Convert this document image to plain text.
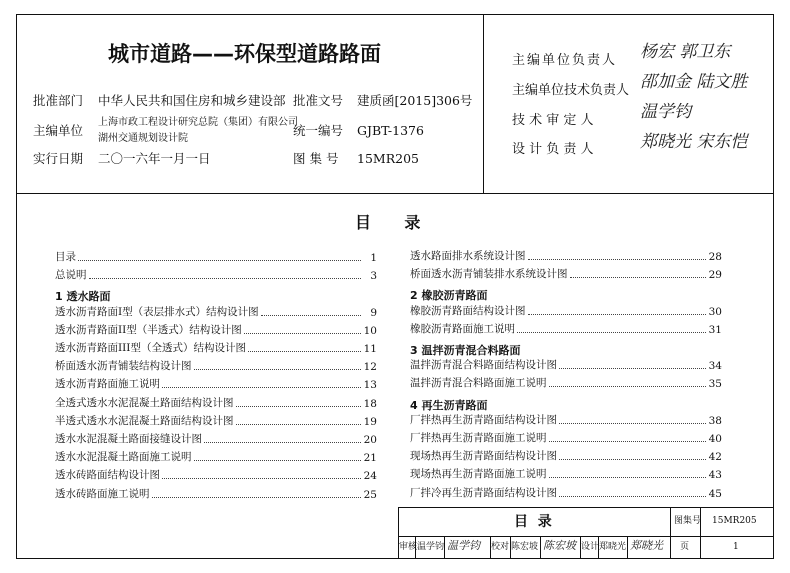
城市道路——环保型道路路面
批准部门 中华人民共和国住房和城乡建设部 批准文号 建质函[2015]306号
主编单位
上海市政工程设计研究总院（集团）有限公司
湖州交通规划设计院
统一编号 GJBT-1376
实行日期 二〇一六年一月一日	图 集 号 15MR205
主编单位负责人 杨宏 郭卫东
主编单位技术负责人 邵加金 陆文胜
技 术 审 定 人	温学钧
设 计 负 责 人	郑晓光 宋东恺
目      录
目录	1
总说明	3
1 透水路面
透水沥青路面I型（表层排水式）结构设计图	9
透水沥青路面II型（半透式）结构设计图	10
透水沥青路面III型（全透式）结构设计图	11
桥面透水沥青铺装结构设计图	12
透水沥青路面施工说明	13
全透式透水水泥混凝土路面结构设计图	18
半透式透水水泥混凝土路面结构设计图	19
透水水泥混凝土路面接缝设计图	20
透水水泥混凝土路面施工说明	21
透水砖路面结构设计图	24
透水砖路面施工说明	25
透水路面排水系统设计图	28
桥面透水沥青铺装排水系统设计图	29
2 橡胶沥青路面
橡胶沥青路面结构设计图	30
橡胶沥青路面施工说明	31
3 温拌沥青混合料路面
温拌沥青混合料路面结构设计图	34
温拌沥青混合料路面施工说明	35
4 再生沥青路面
厂拌热再生沥青路面结构设计图	38
厂拌热再生沥青路面施工说明	40
现场热再生沥青路面结构设计图	42
现场热再生沥青路面施工说明	43
厂拌冷再生沥青路面结构设计图	45
目  录	图集号 15MR205
审核 温学钧 温学钧 校对 陈宏坡 陈宏坡 设计 郑晓光 郑晓光 页	1
